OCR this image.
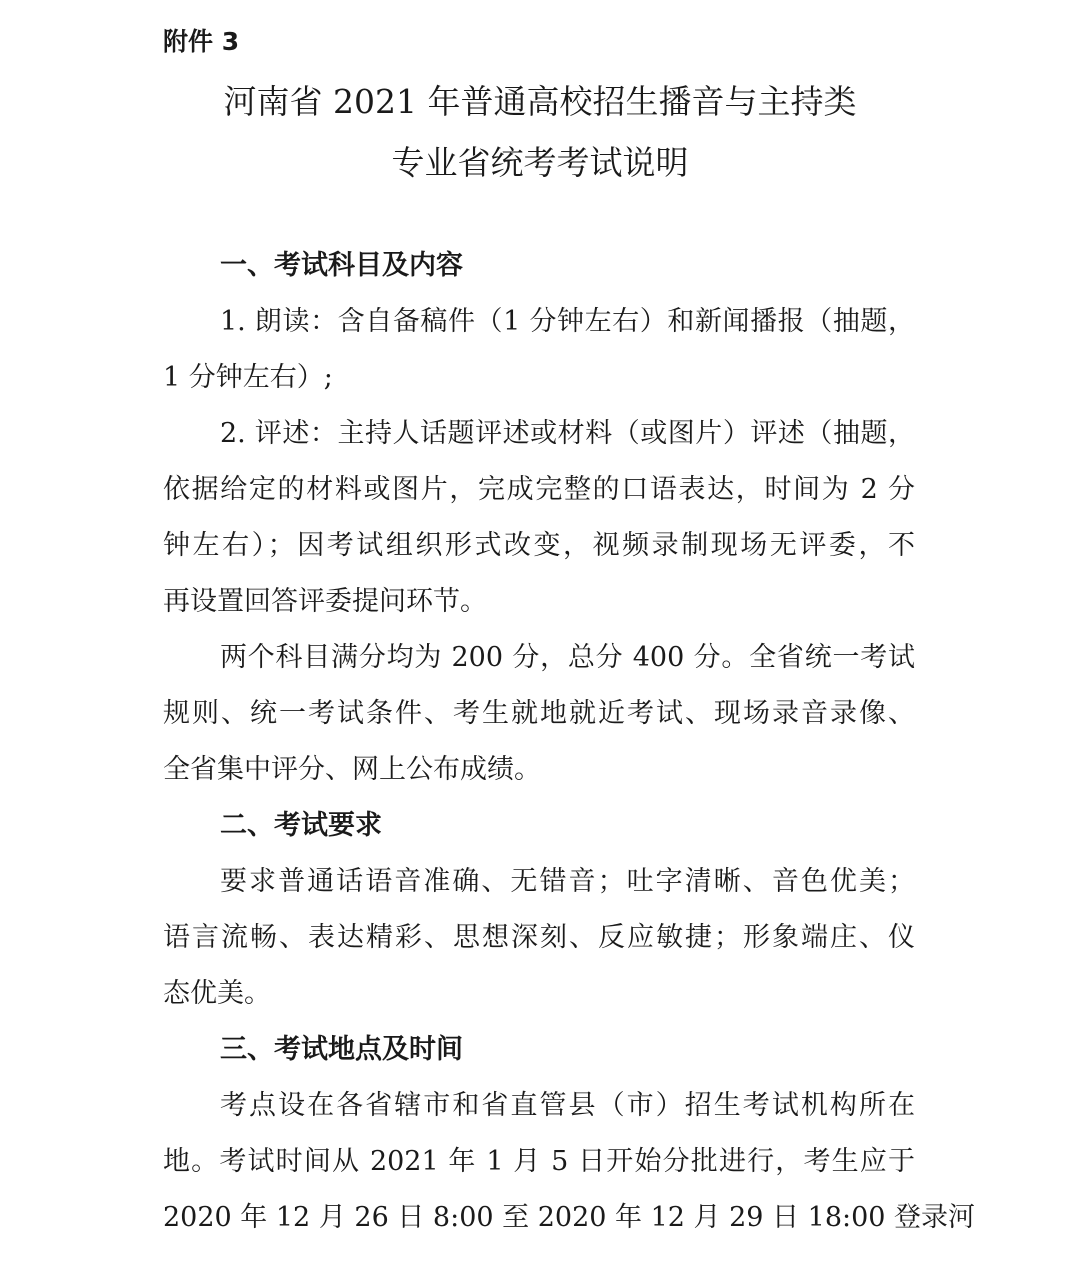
附件 3
河南省 2021 年普通高校招生播音与主持类
专业省统考考试说明
一、考试科目及内容
1. 朗读：含自备稿件（1 分钟左右）和新闻播报（抽题，
1 分钟左右）;
2. 评述：主持人话题评述或材料（或图片）评述（抽题，
依据给定的材料或图片，完成完整的口语表达，时间为 2 分
钟左右）；因考试组织形式改变，视频录制现场无评委，不
再设置回答评委提问环节。
两个科目满分均为 200 分，总分 400 分。全省统一考试
规则、统一考试条件、考生就地就近考试、现场录音录像、
全省集中评分、网上公布成绩。
二、考试要求
要求普通话语音准确、无错音；吐字清晰、音色优美；
语言流畅、表达精彩、思想深刻、反应敏捷；形象端庄、仪
态优美。
三、考试地点及时间
考点设在各省辖市和省直管县（市）招生考试机构所在
地。考试时间从 2021 年 1 月 5 日开始分批进行，考生应于
2020 年 12 月 26 日 8:00 至 2020 年 12 月 29 日 18:00 登录河
